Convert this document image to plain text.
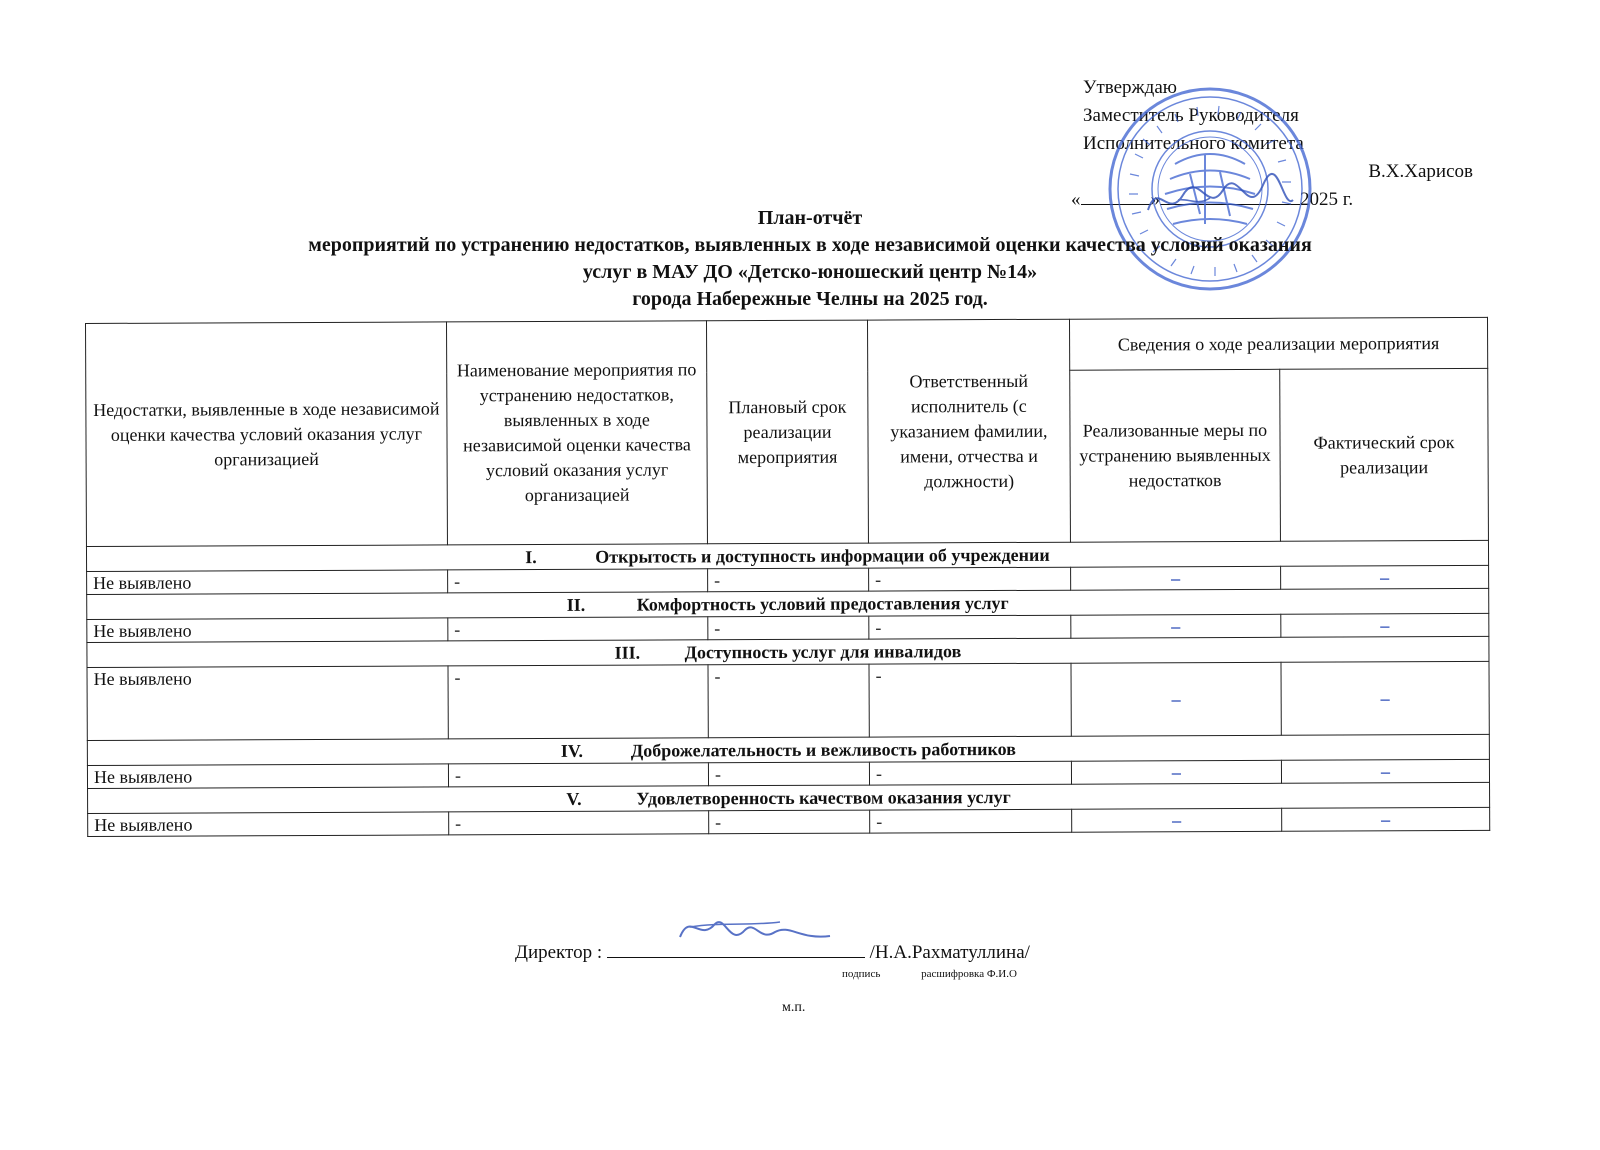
Утверждаю
Заместитель Руководителя
Исполнительного комитета
В.Х.Харисов
«	»	2025 г.
План-отчёт
мероприятий по устранению недостатков, выявленных в ходе независимой оценки качества условий оказания
услуг в МАУ ДО «Детско-юношеский центр №14»
города Набережные Челны на 2025 год.
Недостатки, выявленные в ходе независимой оценки качества условий оказания услуг организацией	Наименование мероприятия по устранению недостатков, выявленных в ходе независимой оценки качества условий оказания услуг организацией	Плановый срок реализации мероприятия	Ответственный исполнитель (с указанием фамилии, имени, отчества и должности)	Сведения о ходе реализации мероприятия	
				Реализованные меры по устранению выявленных недостатков	Фактический срок реализации
I. Открытость и доступность информации об учреждении					
Не выявлено	-	-	-	–	–
II. Комфортность условий предоставления услуг					
Не выявлено	-	-	-	–	–
III. Доступность услуг для инвалидов					
Не выявлено	-	-	-	–	–
IV. Доброжелательность и вежливость работников					
Не выявлено	-	-	-	–	–
V. Удовлетворенность качеством оказания услуг					
Не выявлено	-	-	-	–	–
Директор :	/Н.А.Рахматуллина/
подпись	расшифровка Ф.И.О
м.п.
